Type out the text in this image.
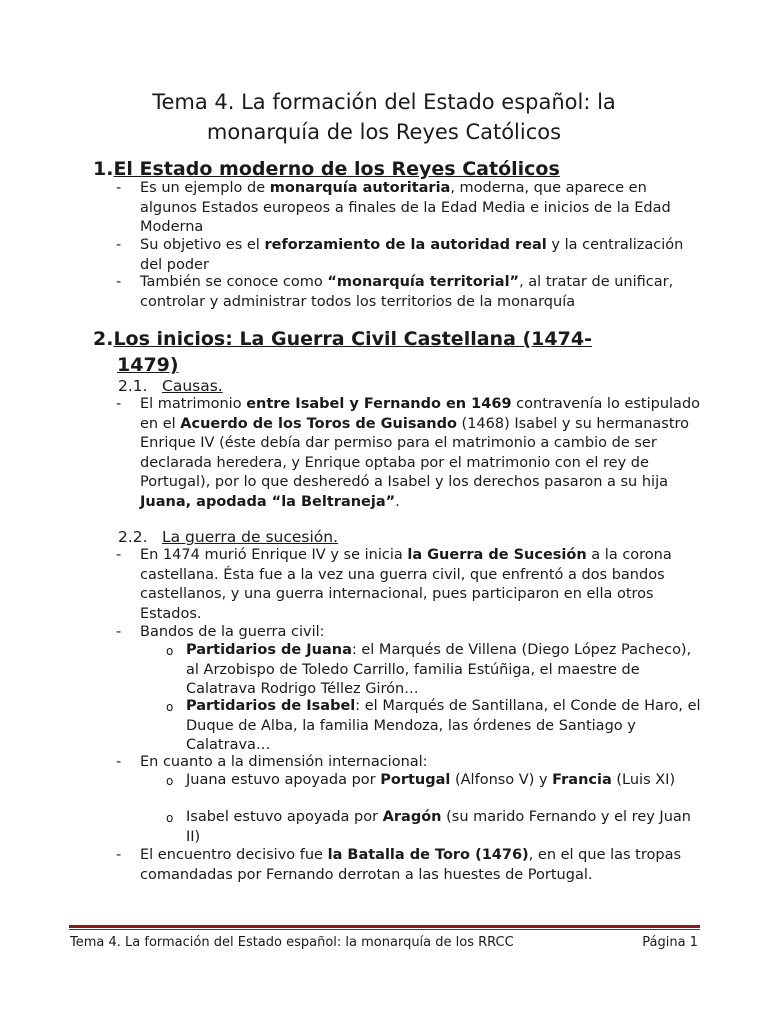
Tema 4. La formación del Estado español: la
monarquía de los Reyes Católicos
1.El Estado moderno de los Reyes Católicos
- Es un ejemplo de monarquía autoritaria, moderna, que aparece en algunos Estados europeos a finales de la Edad Media e inicios de la Edad Moderna
- Su objetivo es el reforzamiento de la autoridad real y la centralización del poder
- También se conoce como “monarquía territorial”, al tratar de unificar, controlar y administrar todos los territorios de la monarquía
2.Los inicios: La Guerra Civil Castellana (1474-
1479)
2.1. Causas.
- El matrimonio entre Isabel y Fernando en 1469 contravenía lo estipulado en el Acuerdo de los Toros de Guisando (1468) Isabel y su hermanastro Enrique IV (éste debía dar permiso para el matrimonio a cambio de ser declarada heredera, y Enrique optaba por el matrimonio con el rey de Portugal), por lo que desheredó a Isabel y los derechos pasaron a su hija Juana, apodada “la Beltraneja”.
2.2. La guerra de sucesión.
- En 1474 murió Enrique IV y se inicia la Guerra de Sucesión a la corona castellana. Ésta fue a la vez una guerra civil, que enfrentó a dos bandos castellanos, y una guerra internacional, pues participaron en ella otros Estados.
- Bandos de la guerra civil:
o Partidarios de Juana: el Marqués de Villena (Diego López Pacheco), al Arzobispo de Toledo Carrillo, familia Estúñiga, el maestre de Calatrava Rodrigo Téllez Girón…
o Partidarios de Isabel: el Marqués de Santillana, el Conde de Haro, el Duque de Alba, la familia Mendoza, las órdenes de Santiago y Calatrava…
- En cuanto a la dimensión internacional:
o Juana estuvo apoyada por Portugal (Alfonso V) y Francia (Luis XI)
o Isabel estuvo apoyada por Aragón (su marido Fernando y el rey Juan II)
- El encuentro decisivo fue la Batalla de Toro (1476), en el que las tropas comandadas por Fernando derrotan a las huestes de Portugal.
Tema 4. La formación del Estado español: la monarquía de los RRCC	Página 1
